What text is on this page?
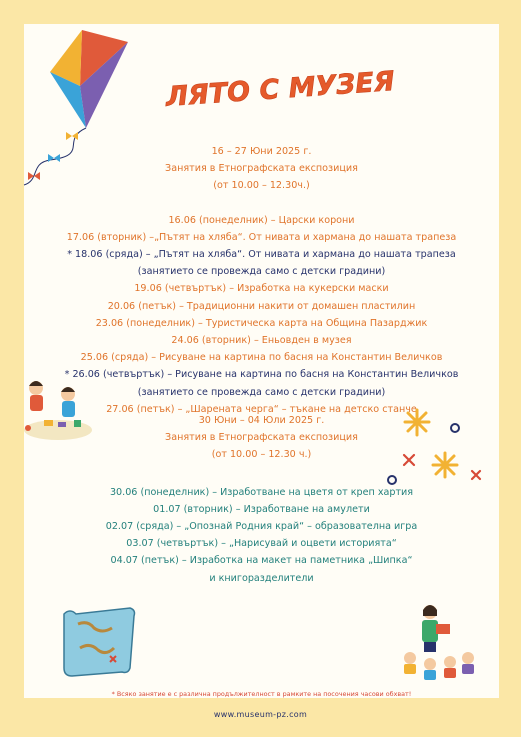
ЛЯТО С МУЗЕЯ
16 – 27 Юни 2025 г.
Занятия в Етнографската експозиция
(от 10.00 – 12.30ч.)
16.06 (понеделник) – Царски корони
17.06 (вторник) –„Пътят на хляба“. От нивата и хармана до нашата трапеза
* 18.06 (сряда) – „Пътят на хляба“. От нивата и хармана до нашата трапеза
(занятието се провежда само с детски градини)
19.06 (четвъртък) – Изработка на кукерски маски
20.06 (петък) – Традиционни накити от домашен пластилин
23.06 (понеделник) – Туристическа карта на Община Пазарджик
24.06 (вторник) – Еньовден в музея
25.06 (сряда) – Рисуване на картина по басня на Константин Величков
* 26.06 (четвъртък) – Рисуване на картина по басня на Константин Величков
(занятието се провежда само с детски градини)
27.06 (петък) – „Шарената черга“ – тъкане на детско станче
30 Юни – 04 Юли 2025 г.
Занятия в Етнографската експозиция
(от 10.00 – 12.30 ч.)
30.06 (понеделник) – Изработване на цветя от креп хартия
01.07 (вторник) – Изработване на амулети
02.07 (сряда) – „Опознай Родния край“ – образователна игра
03.07 (четвъртък) – „Нарисувай и оцвети историята“
04.07 (петък) – Изработка на макет на паметника „Шипка“
и книгоразделители
* Всяко занятие е с различна продължителност в рамките на посочения часови обхват!
www.museum-pz.com
